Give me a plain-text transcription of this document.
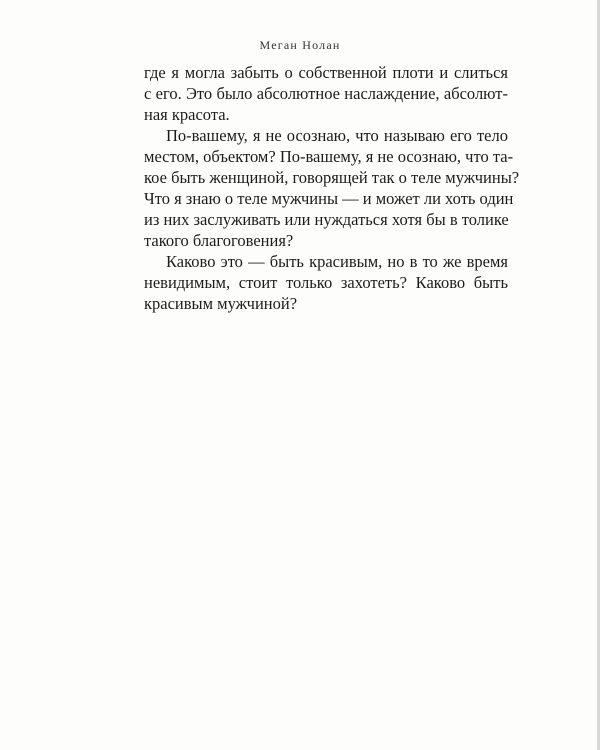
Меган Нолан
где я могла забыть о собственной плоти и слиться
с его. Это было абсолютное наслаждение, абсолют-
ная красота.
По-вашему, я не осознаю, что называю его тело
местом, объектом? По-вашему, я не осознаю, что та-
кое быть женщиной, говорящей так о теле мужчины?
Что я знаю о теле мужчины — и может ли хоть один
из них заслуживать или нуждаться хотя бы в толике
такого благоговения?
Каково это — быть красивым, но в то же время
невидимым, стоит только захотеть? Каково быть
красивым мужчиной?
